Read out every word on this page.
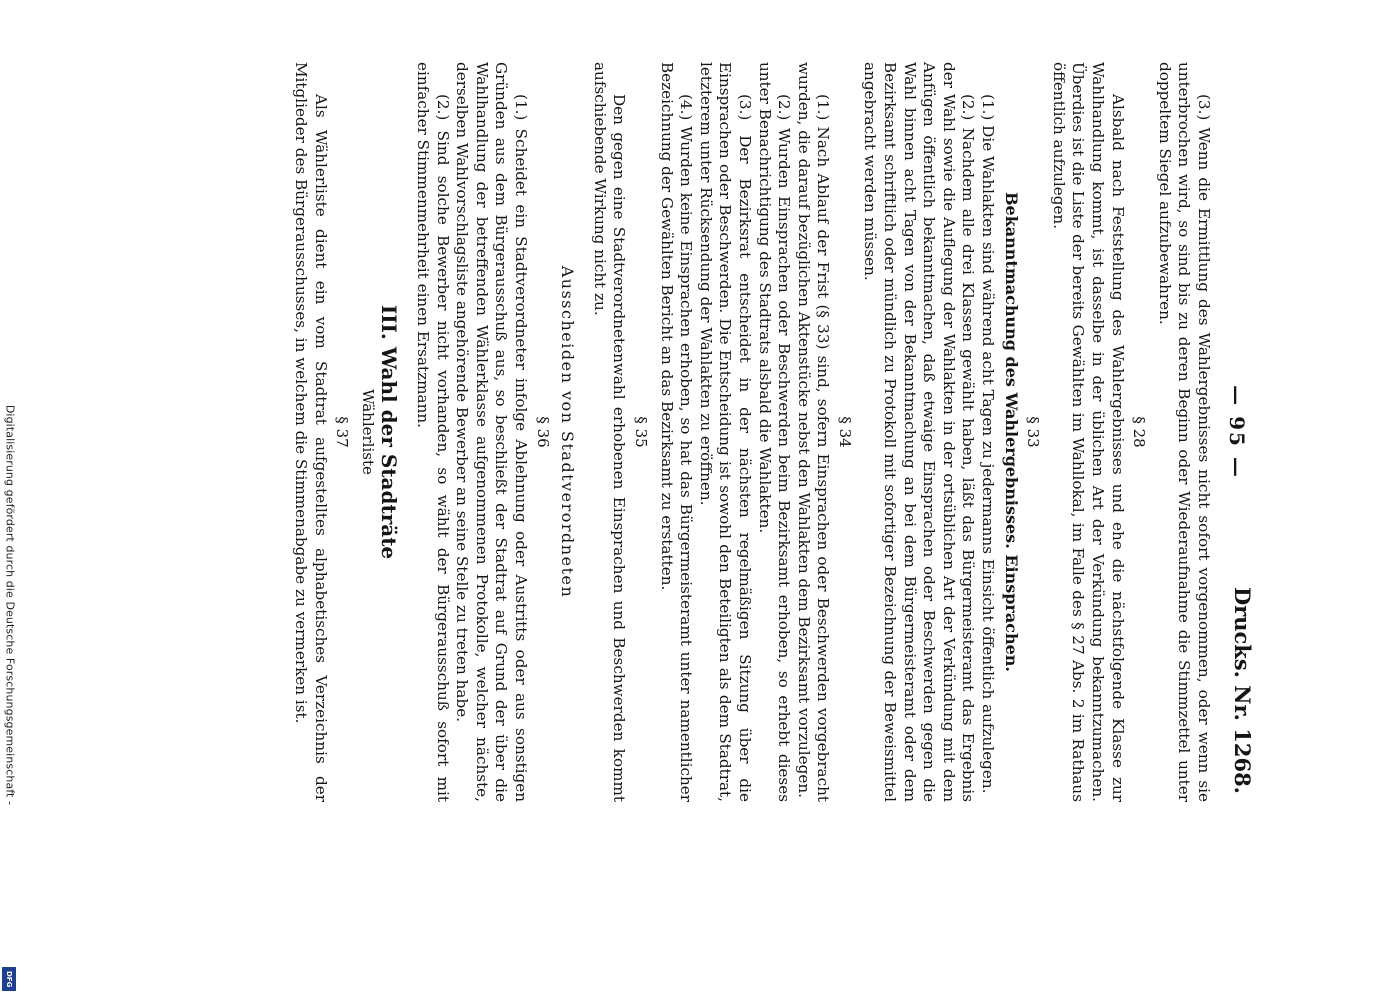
Digitalisierung gefördert durch die Deutsche Forschungsgemeinschaft -
DFG
— 95 —
Drucks. Nr. 1268.

(3.) Wenn die Ermittlung des Wahlergebnisses nicht sofort vorgenommen, oder wenn sie unterbrochen wird, so sind bis zu deren Beginn oder Wiederaufnahme die Stimmzettel unter doppeltem Siegel aufzubewahren.

§ 28

Alsbald nach Feststellung des Wahlergebnisses und ehe die nächstfolgende Klasse zur Wahlhandlung kommt, ist dasselbe in der üblichen Art der Verkündung bekanntzumachen. Überdies ist die Liste der bereits Gewählten im Wahllokal, im Falle des § 27 Abs. 2 im Rathaus öffentlich aufzulegen.

§ 33
Bekanntmachung des Wahlergebnisses. Einsprachen.

(1.) Die Wahlakten sind während acht Tagen zu jedermanns Einsicht öffentlich aufzulegen.

(2.) Nachdem alle drei Klassen gewählt haben, läßt das Bürgermeisteramt das Ergebnis der Wahl sowie die Auflegung der Wahlakten in der ortsüblichen Art der Verkündung mit dem Anfügen öffentlich bekanntmachen, daß etwaige Einsprachen oder Beschwerden gegen die Wahl binnen acht Tagen von der Bekanntmachung an bei dem Bürgermeisteramt oder dem Bezirksamt schriftlich oder mündlich zu Protokoll mit sofortiger Bezeichnung der Beweismittel angebracht werden müssen.

§ 34

(1.) Nach Ablauf der Frist (§ 33) sind, sofern Einsprachen oder Beschwerden vorgebracht wurden, die darauf bezüglichen Aktenstücke nebst den Wahlakten dem Bezirksamt vorzulegen.

(2.) Wurden Einsprachen oder Beschwerden beim Bezirksamt erhoben, so erhebt dieses unter Benachrichtigung des Stadtrats alsbald die Wahlakten.

(3.) Der Bezirksrat entscheidet in der nächsten regelmäßigen Sitzung über die Einsprachen oder Beschwerden. Die Entscheidung ist sowohl den Beteiligten als dem Stadtrat, letzterem unter Rücksendung der Wahlakten zu eröffnen.

(4.) Wurden keine Einsprachen erhoben, so hat das Bürgermeisteramt unter namentlicher Bezeichnung der Gewählten Bericht an das Bezirksamt zu erstatten.

§ 35

Den gegen eine Stadtverordnetenwahl erhobenen Einsprachen und Beschwerden kommt aufschiebende Wirkung nicht zu.

Ausscheiden von Stadtverordneten
§ 36

(1.) Scheidet ein Stadtverordneter infolge Ablehnung oder Austritts oder aus sonstigen Gründen aus dem Bürgerausschuß aus, so beschließt der Stadtrat auf Grund der über die Wahlhandlung der betreffenden Wählerklasse aufgenommenen Protokolle, welcher nächste, derselben Wahlvorschlagsliste angehörende Bewerber an seine Stelle zu treten habe.

(2.) Sind solche Bewerber nicht vorhanden, so wählt der Bürgerausschuß sofort mit einfacher Stimmenmehrheit einen Ersatzmann.

III. Wahl der Stadträte
Wählerliste
§ 37

Als Wählerliste dient ein vom Stadtrat aufgestelltes alphabetisches Verzeichnis der Mitglieder des Bürgerausschusses, in welchem die Stimmenabgabe zu vermerken ist.
